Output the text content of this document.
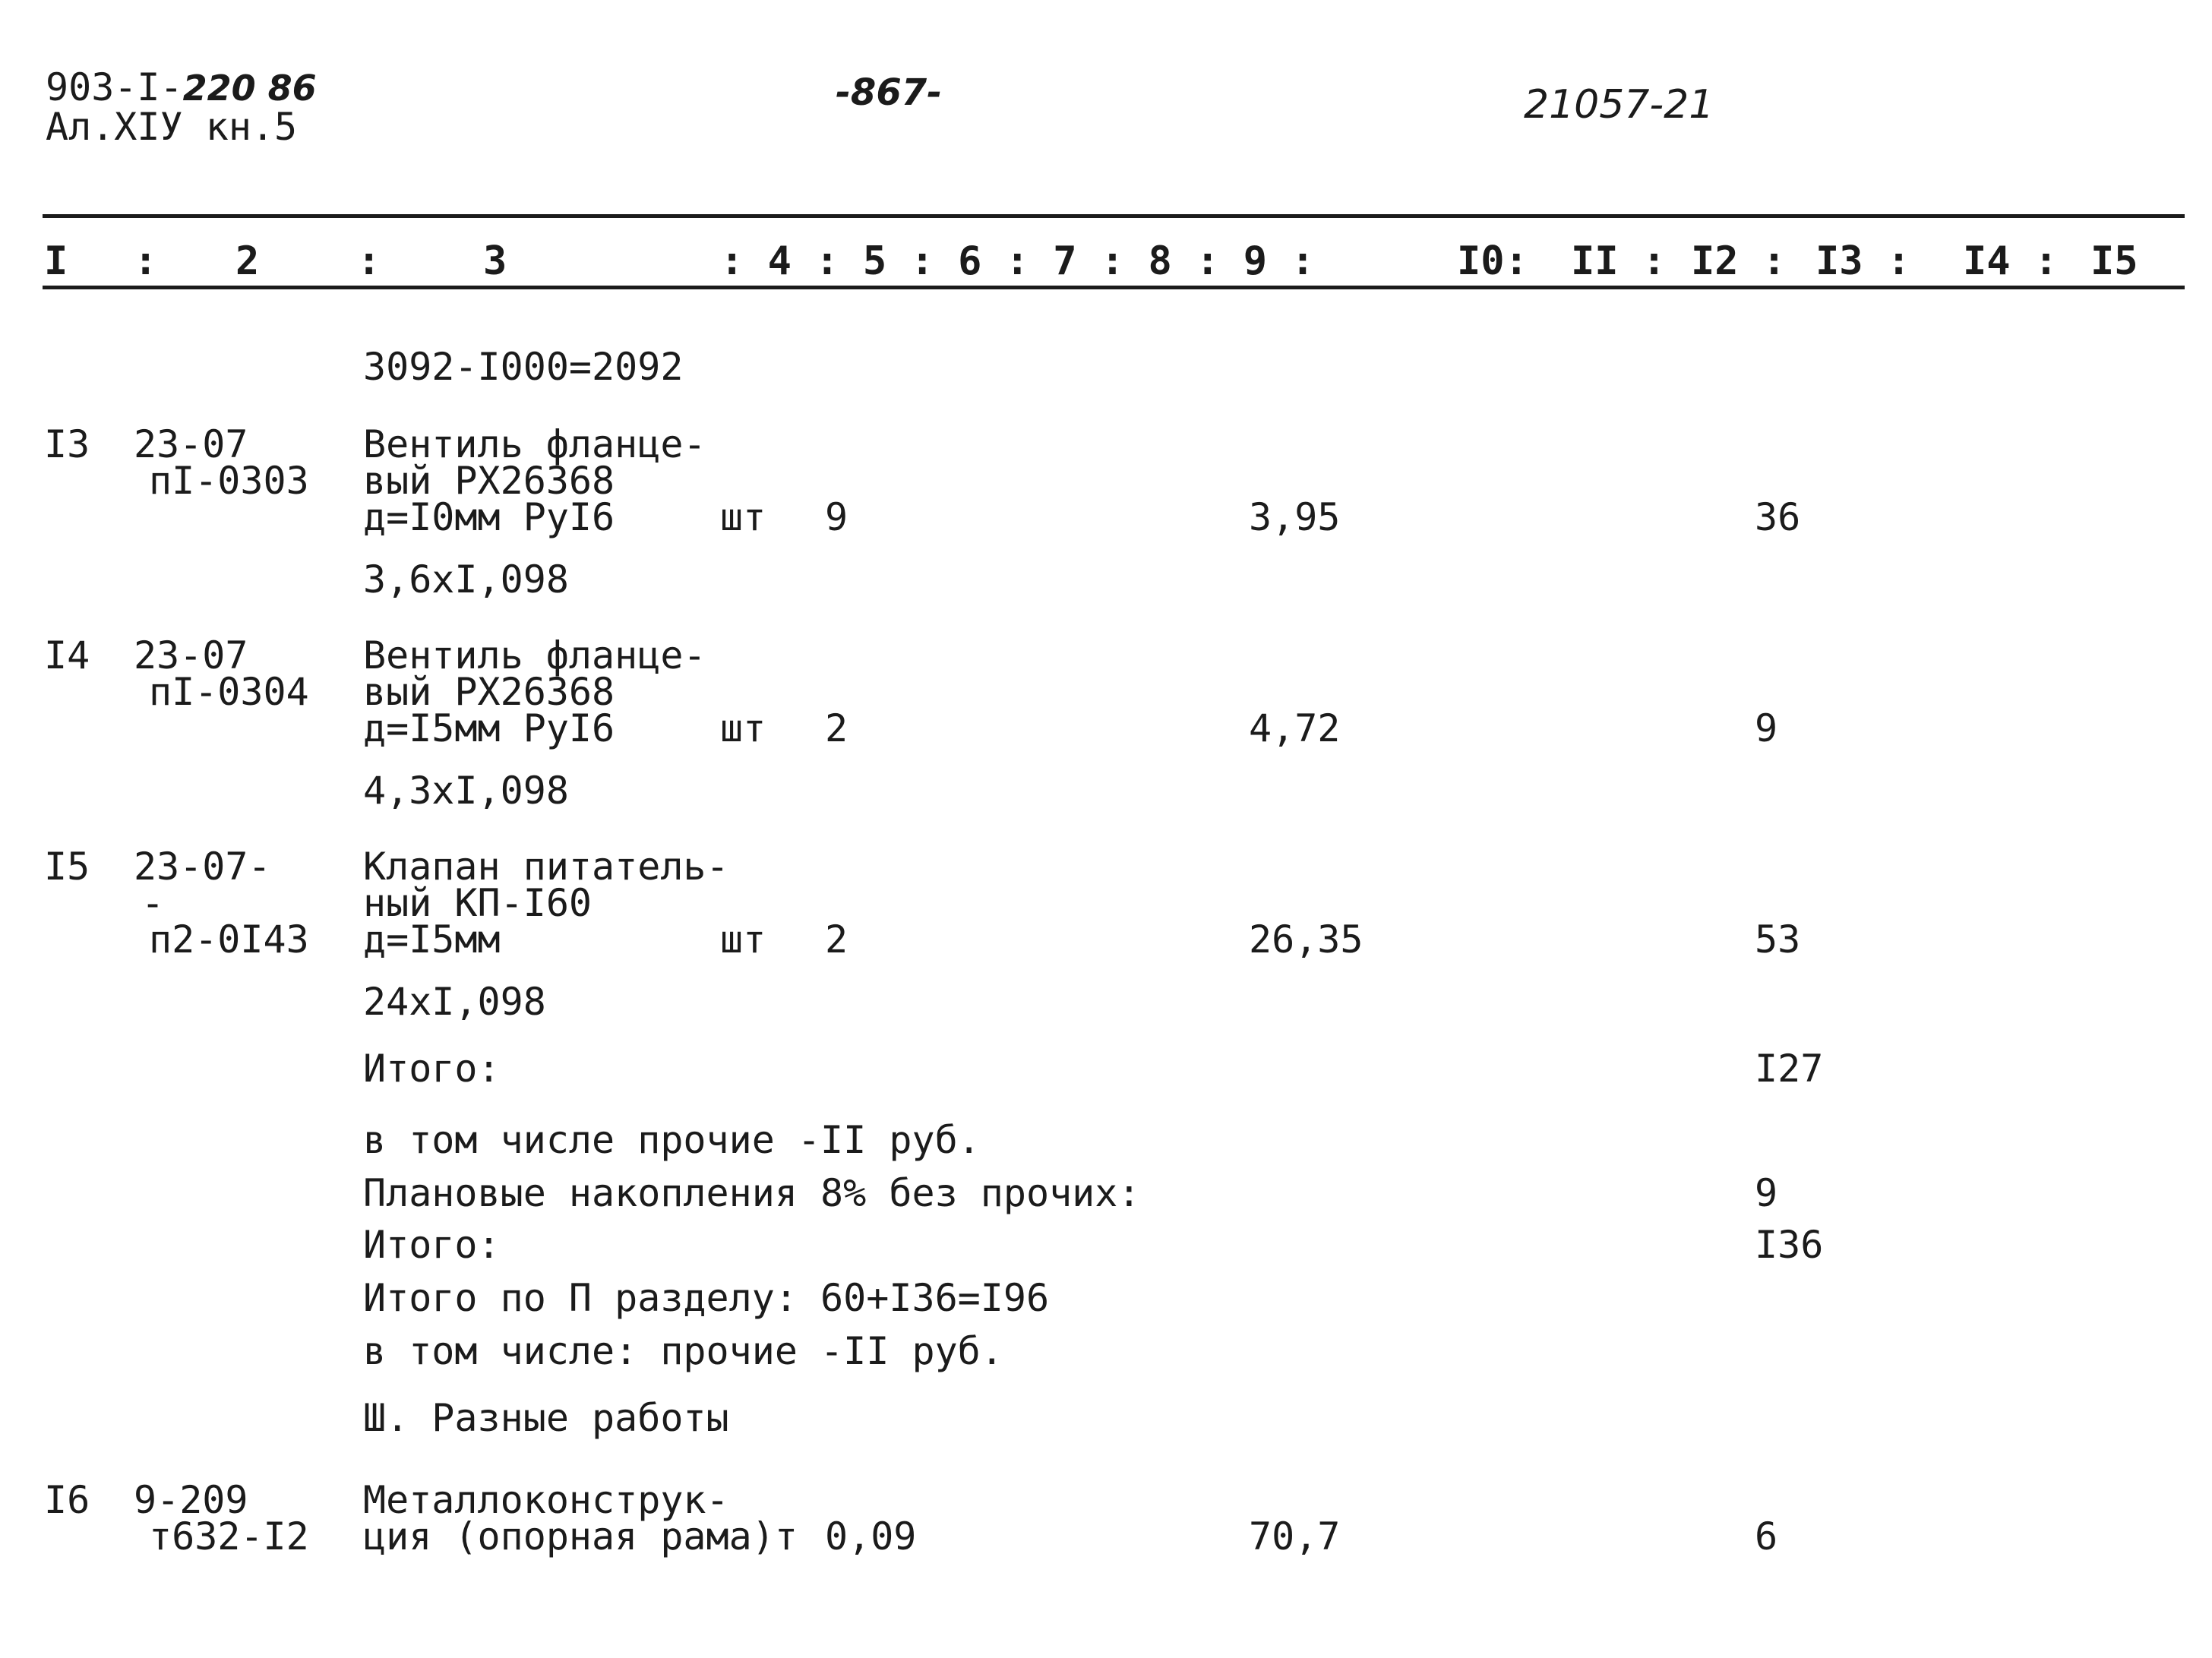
903-I-220 86
Ал.XIУ кн.5
-867-	21057-21
I : 2 :	3	: 4 : 5 : 6 : 7 : 8 : 9 :	I0: II : I2 : I3 : I4 : I5
3092-I000=2092
I3 23-07
пI-0303
Вентиль фланце-
вый РХ26368
д=I0мм РуI6	шт 9	3,95	36
3,6хI,098
I4 23-07
пI-0304
Вентиль фланце-
вый РХ26368
д=I5мм РуI6	шт 2	4,72	9
4,3хI,098
I5 23-07-
-
п2-0I43
Клапан питатель-
ный КП-I60
д=I5мм	шт 2	26,35	53
24хI,098
Итого:	I27
в том числе прочие -II руб.
Плановые накопления 8% без прочих:	9
Итого:	I36
Итого по П разделу: 60+I36=I96
в том числе: прочие -II руб.
Ш. Разные работы
I6 9-209
т632-I2
Металлоконструк-
ция (опорная рама)т 0,09	70,7	6
